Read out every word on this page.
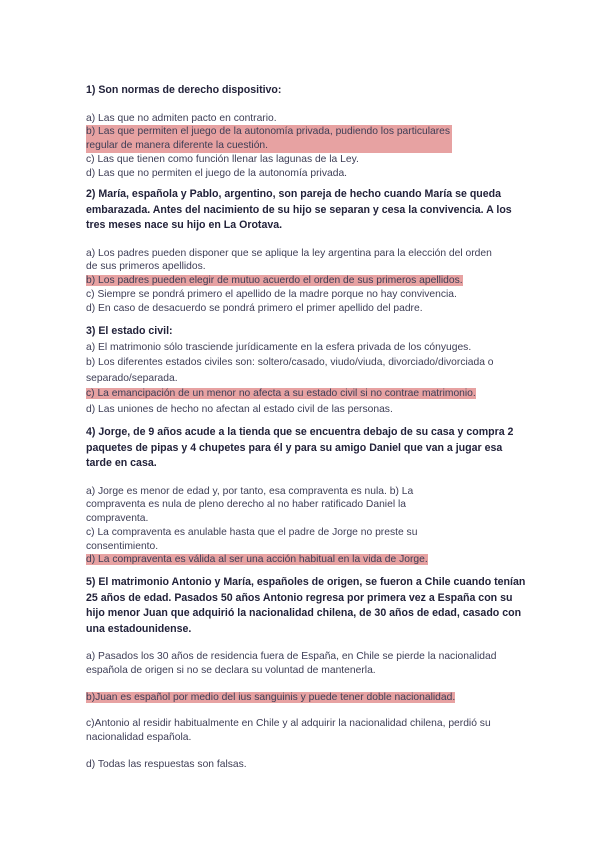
1) Son normas de derecho dispositivo:

a) Las que no admiten pacto en contrario.

b) Las que permiten el juego de la autonomía privada, pudiendo los particulares regular de manera diferente la cuestión.

c) Las que tienen como función llenar las lagunas de la Ley.

d) Las que no permiten el juego de la autonomía privada.

2) María, española y Pablo, argentino, son pareja de hecho cuando María se queda embarazada. Antes del nacimiento de su hijo se separan y cesa la convivencia. A los tres meses nace su hijo en La Orotava.

a) Los padres pueden disponer que se aplique la ley argentina para la elección del orden de sus primeros apellidos.

b) Los padres pueden elegir de mutuo acuerdo el orden de sus primeros apellidos.

c) Siempre se pondrá primero el apellido de la madre porque no hay convivencia.

d) En caso de desacuerdo se pondrá primero el primer apellido del padre.

3) El estado civil:

a) El matrimonio sólo trasciende jurídicamente en la esfera privada de los cónyuges.

b) Los diferentes estados civiles son: soltero/casado, viudo/viuda, divorciado/divorciada o separado/separada.

c) La emancipación de un menor no afecta a su estado civil si no contrae matrimonio.

d) Las uniones de hecho no afectan al estado civil de las personas.

4) Jorge, de 9 años acude a la tienda que se encuentra debajo de su casa y compra 2 paquetes de pipas y 4 chupetes para él y para su amigo Daniel que van a jugar esa tarde en casa.

a) Jorge es menor de edad y, por tanto, esa compraventa es nula. b) La compraventa es nula de pleno derecho al no haber ratificado Daniel la compraventa.

c) La compraventa es anulable hasta que el padre de Jorge no preste su consentimiento.

d) La compraventa es válida al ser una acción habitual en la vida de Jorge.

5) El matrimonio Antonio y María, españoles de origen, se fueron a Chile cuando tenían 25 años de edad. Pasados 50 años Antonio regresa por primera vez a España con su hijo menor Juan que adquirió la nacionalidad chilena, de 30 años de edad, casado con una estadounidense.

a) Pasados los 30 años de residencia fuera de España, en Chile se pierde la nacionalidad española de origen si no se declara su voluntad de mantenerla.

b)Juan es español por medio del ius sanguinis y puede tener doble nacionalidad.

c)Antonio al residir habitualmente en Chile y al adquirir la nacionalidad chilena, perdió su nacionalidad española.

d) Todas las respuestas son falsas.
